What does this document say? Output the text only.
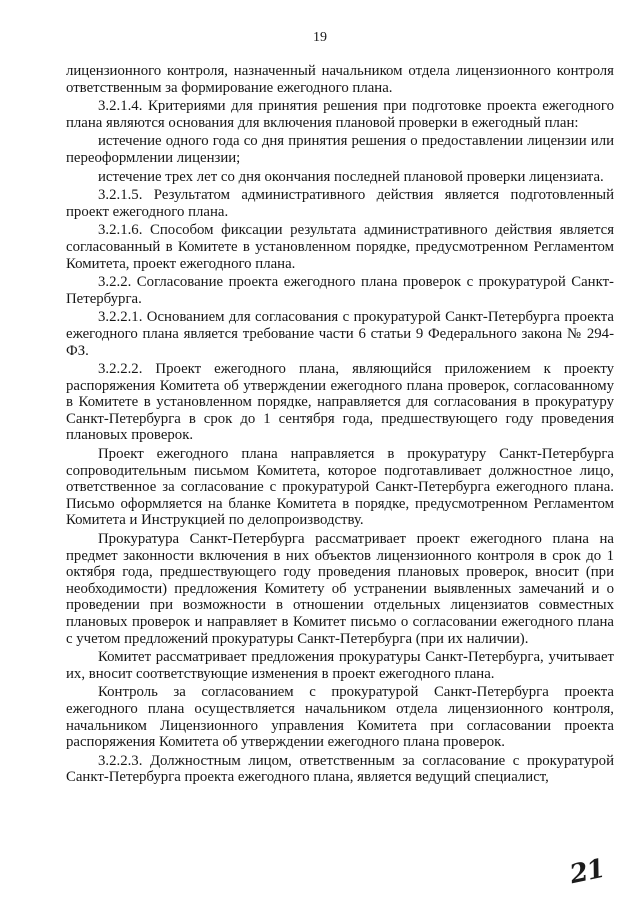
19

лицензионного контроля, назначенный начальником отдела лицензионного контроля ответственным за формирование ежегодного плана.

3.2.1.4. Критериями для принятия решения при подготовке проекта ежегодного плана являются основания для включения плановой проверки в ежегодный план:

истечение одного года со дня принятия решения о предоставлении лицензии или переоформлении лицензии;

истечение трех лет со дня окончания последней плановой проверки лицензиата.

3.2.1.5. Результатом административного действия является подготовленный проект ежегодного плана.

3.2.1.6. Способом фиксации результата административного действия является согласованный в Комитете в установленном порядке, предусмотренном Регламентом Комитета, проект ежегодного плана.

3.2.2. Согласование проекта ежегодного плана проверок с прокуратурой Санкт-Петербурга.

3.2.2.1. Основанием для согласования с прокуратурой Санкт-Петербурга проекта ежегодного плана является требование части 6 статьи 9 Федерального закона № 294-ФЗ.

3.2.2.2. Проект ежегодного плана, являющийся приложением к проекту распоряжения Комитета об утверждении ежегодного плана проверок, согласованному в Комитете в установленном порядке, направляется для согласования в прокуратуру Санкт-Петербурга в срок до 1 сентября года, предшествующего году проведения плановых проверок.

Проект ежегодного плана направляется в прокуратуру Санкт-Петербурга сопроводительным письмом Комитета, которое подготавливает должностное лицо, ответственное за согласование с прокуратурой Санкт-Петербурга ежегодного плана. Письмо оформляется на бланке Комитета в порядке, предусмотренном Регламентом Комитета и Инструкцией по делопроизводству.

Прокуратура Санкт-Петербурга рассматривает проект ежегодного плана на предмет законности включения в них объектов лицензионного контроля в срок до 1 октября года, предшествующего году проведения плановых проверок, вносит (при необходимости) предложения Комитету об устранении выявленных замечаний и о проведении при возможности в отношении отдельных лицензиатов совместных плановых проверок и направляет в Комитет письмо о согласовании ежегодного плана с учетом предложений прокуратуры Санкт-Петербурга (при их наличии).

Комитет рассматривает предложения прокуратуры Санкт-Петербурга, учитывает их, вносит соответствующие изменения в проект ежегодного плана.

Контроль за согласованием с прокуратурой Санкт-Петербурга проекта ежегодного плана осуществляется начальником отдела лицензионного контроля, начальником Лицензионного управления Комитета при согласовании проекта распоряжения Комитета об утверждении ежегодного плана проверок.

3.2.2.3. Должностным лицом, ответственным за согласование с прокуратурой Санкт-Петербурга проекта ежегодного плана, является ведущий специалист,

21
